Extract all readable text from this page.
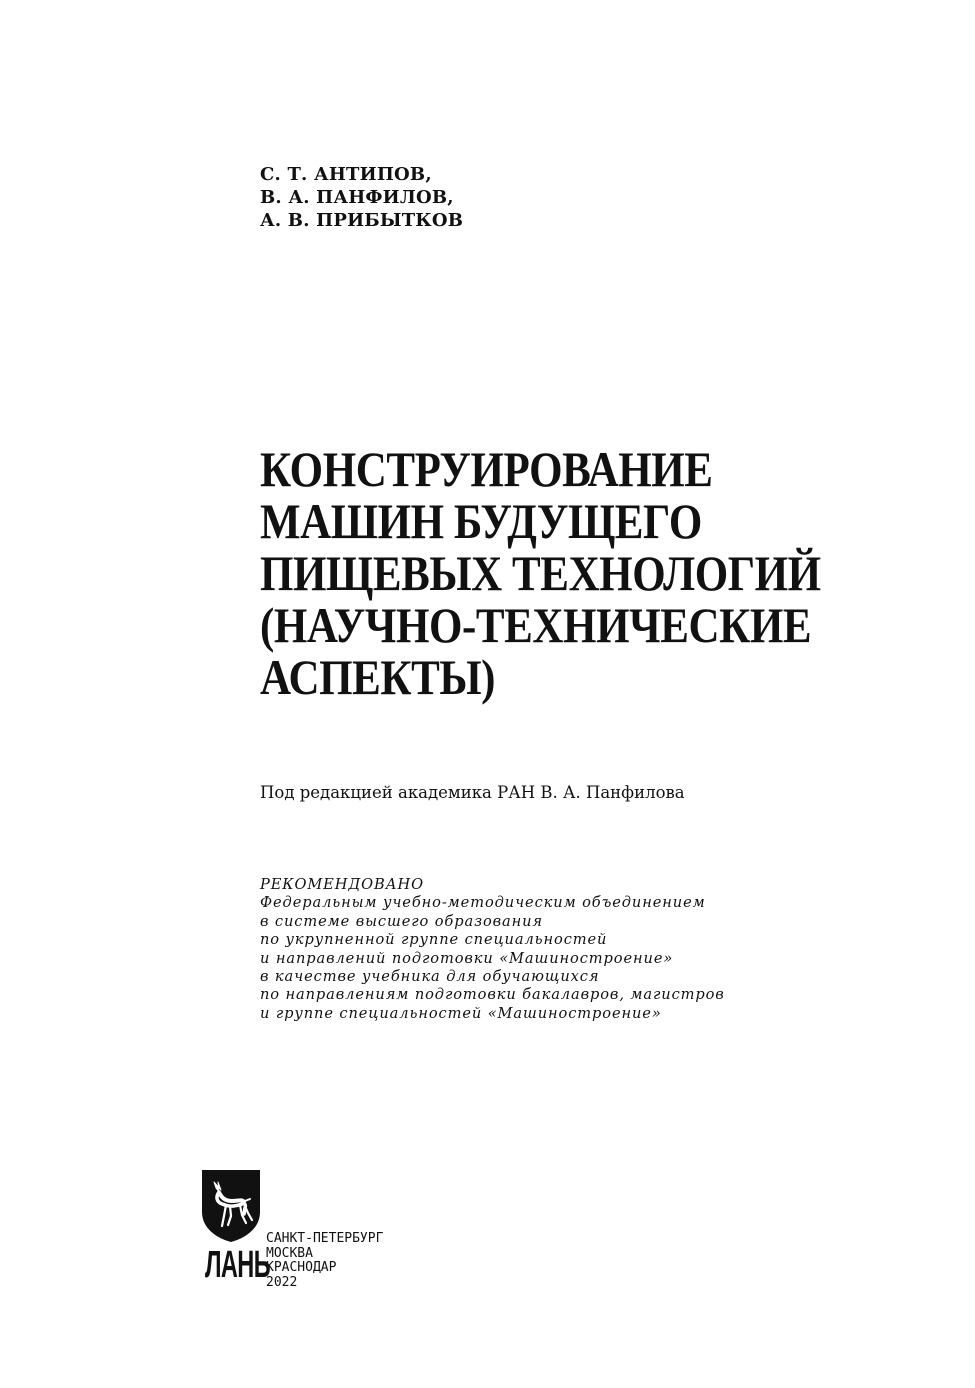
С. Т. АНТИПОВ,
В. А. ПАНФИЛОВ,
А. В. ПРИБЫТКОВ
КОНСТРУИРОВАНИЕ
МАШИН БУДУЩЕГО
ПИЩЕВЫХ ТЕХНОЛОГИЙ
(НАУЧНО-ТЕХНИЧЕСКИЕ
АСПЕКТЫ)
Под редакцией академика РАН В. А. Панфилова
РЕКОМЕНДОВАНО
Федеральным учебно-методическим объединением
в системе высшего образования
по укрупненной группе специальностей
и направлений подготовки «Машиностроение»
в качестве учебника для обучающихся
по направлениям подготовки бакалавров, магистров
и группе специальностей «Машиностроение»
ЛАНЬ
САНКТ-ПЕТЕРБУРГ
МОСКВА
КРАСНОДАР
2022
